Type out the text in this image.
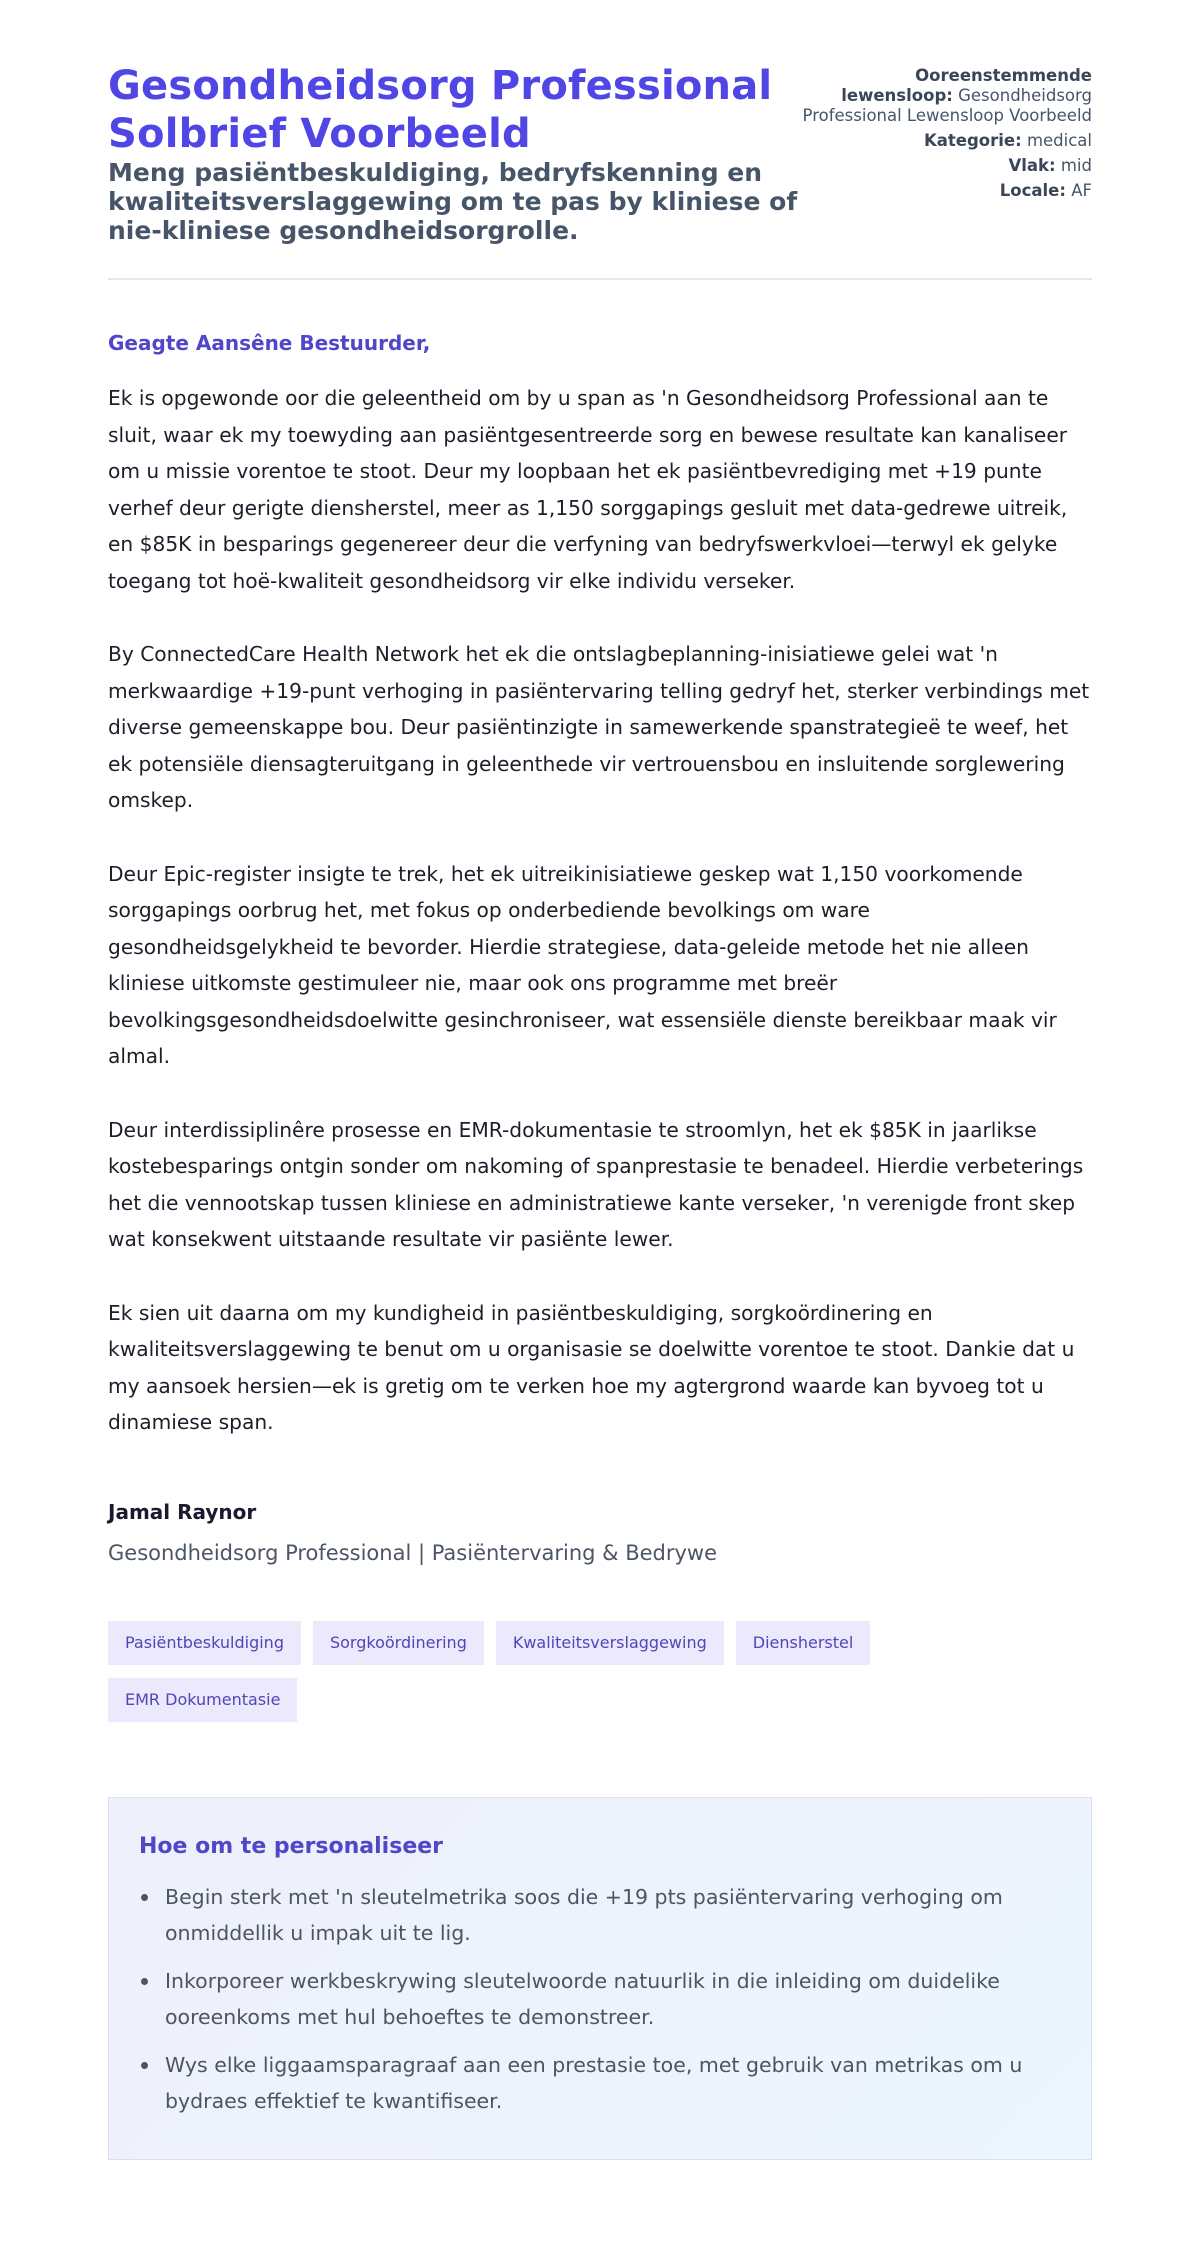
Gesondheidsorg Professional Solbrief Voorbeeld
Meng pasiëntbeskuldiging, bedryfskenning en kwaliteitsverslaggewing om te pas by kliniese of nie-kliniese gesondheidsorgrolle.
Ooreenstemmende lewensloop: Gesondheidsorg Professional Lewensloop Voorbeeld
Kategorie: medical
Vlak: mid
Locale: AF

Geagte Aansêne Bestuurder,

Ek is opgewonde oor die geleentheid om by u span as 'n Gesondheidsorg Professional aan te sluit, waar ek my toewyding aan pasiëntgesentreerde sorg en bewese resultate kan kanaliseer om u missie vorentoe te stoot. Deur my loopbaan het ek pasiëntbevrediging met +19 punte verhef deur gerigte diensherstel, meer as 1,150 sorggapings gesluit met data-gedrewe uitreik, en $85K in besparings gegenereer deur die verfyning van bedryfswerkvloei—terwyl ek gelyke toegang tot hoë-kwaliteit gesondheidsorg vir elke individu verseker.

By ConnectedCare Health Network het ek die ontslagbeplanning-inisiatiewe gelei wat 'n merkwaardige +19-punt verhoging in pasiëntervaring telling gedryf het, sterker verbindings met diverse gemeenskappe bou. Deur pasiëntinzigte in samewerkende spanstrategieë te weef, het ek potensiële diensagteruitgang in geleenthede vir vertrouensbou en insluitende sorglewering omskep.

Deur Epic-register insigte te trek, het ek uitreikinisiatiewe geskep wat 1,150 voorkomende sorggapings oorbrug het, met fokus op onderbediende bevolkings om ware gesondheidsgelykheid te bevorder. Hierdie strategiese, data-geleide metode het nie alleen kliniese uitkomste gestimuleer nie, maar ook ons programme met breër bevolkingsgesondheidsdoelwitte gesinchroniseer, wat essensiële dienste bereikbaar maak vir almal.

Deur interdissiplinêre prosesse en EMR-dokumentasie te stroomlyn, het ek $85K in jaarlikse kostebesparings ontgin sonder om nakoming of spanprestasie te benadeel. Hierdie verbeterings het die vennootskap tussen kliniese en administratiewe kante verseker, 'n verenigde front skep wat konsekwent uitstaande resultate vir pasiënte lewer.

Ek sien uit daarna om my kundigheid in pasiëntbeskuldiging, sorgkoördinering en kwaliteitsverslaggewing te benut om u organisasie se doelwitte vorentoe te stoot. Dankie dat u my aansoek hersien—ek is gretig om te verken hoe my agtergrond waarde kan byvoeg tot u dinamiese span.

Jamal Raynor
Gesondheidsorg Professional | Pasiëntervaring & Bedrywe
Pasiëntbeskuldiging	Sorgkoördinering	Kwaliteitsverslaggewing	Diensherstel
EMR Dokumentasie
Hoe om te personaliseer
Begin sterk met 'n sleutelmetrika soos die +19 pts pasiëntervaring verhoging om onmiddellik u impak uit te lig.
Inkorporeer werkbeskrywing sleutelwoorde natuurlik in die inleiding om duidelike ooreenkoms met hul behoeftes te demonstreer.
Wys elke liggaamsparagraaf aan een prestasie toe, met gebruik van metrikas om u bydraes effektief te kwantifiseer.
